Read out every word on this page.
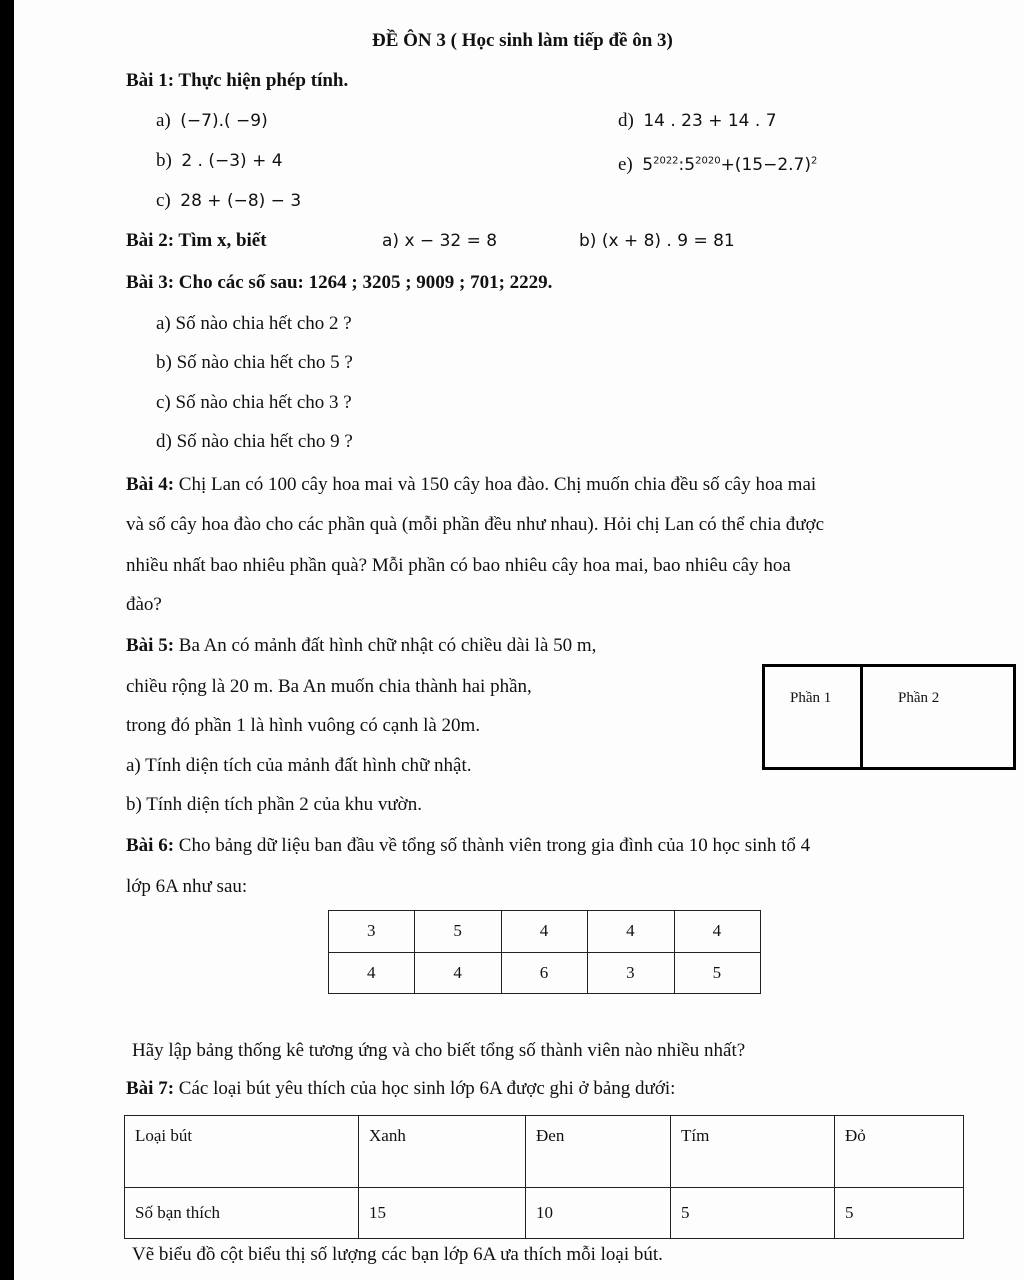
ĐỀ ÔN 3 ( Học sinh làm tiếp đề ôn 3)
Bài 1: Thực hiện phép tính.
a) (−7).( −9)
b) 2 . (−3) + 4
c) 28 + (−8) − 3
d) 14 . 23 + 14 . 7
e) $5^{2022}:5^{2020}+(15-2.7)^2$
Bài 2: Tìm x, biết	a) x − 32 = 8	b) (x + 8) . 9 = 81
Bài 3: Cho các số sau: 1264 ; 3205 ; 9009 ; 701; 2229.
a) Số nào chia hết cho 2 ?
b) Số nào chia hết cho 5 ?
c) Số nào chia hết cho 3 ?
d) Số nào chia hết cho 9 ?
Bài 4: Chị Lan có 100 cây hoa mai và 150 cây hoa đào. Chị muốn chia đều số cây hoa mai
và số cây hoa đào cho các phần quà (mỗi phần đều như nhau). Hỏi chị Lan có thể chia được
nhiều nhất bao nhiêu phần quà? Mỗi phần có bao nhiêu cây hoa mai, bao nhiêu cây hoa
đào?
Bài 5: Ba An có mảnh đất hình chữ nhật có chiều dài là 50 m,
chiều rộng là 20 m. Ba An muốn chia thành hai phần,
trong đó phần 1 là hình vuông có cạnh là 20m.
a) Tính diện tích của mảnh đất hình chữ nhật.
b) Tính diện tích phần 2 của khu vườn.
Phần 1	Phần 2
Bài 6: Cho bảng dữ liệu ban đầu về tổng số thành viên trong gia đình của 10 học sinh tổ 4
lớp 6A như sau:
3	5	4	4	4
4	4	6	3	5
Hãy lập bảng thống kê tương ứng và cho biết tổng số thành viên nào nhiều nhất?
Bài 7: Các loại bút yêu thích của học sinh lớp 6A được ghi ở bảng dưới:
Loại bút	Xanh	Đen	Tím	Đỏ
Số bạn thích	15	10	5	5
Vẽ biểu đồ cột biểu thị số lượng các bạn lớp 6A ưa thích mỗi loại bút.
